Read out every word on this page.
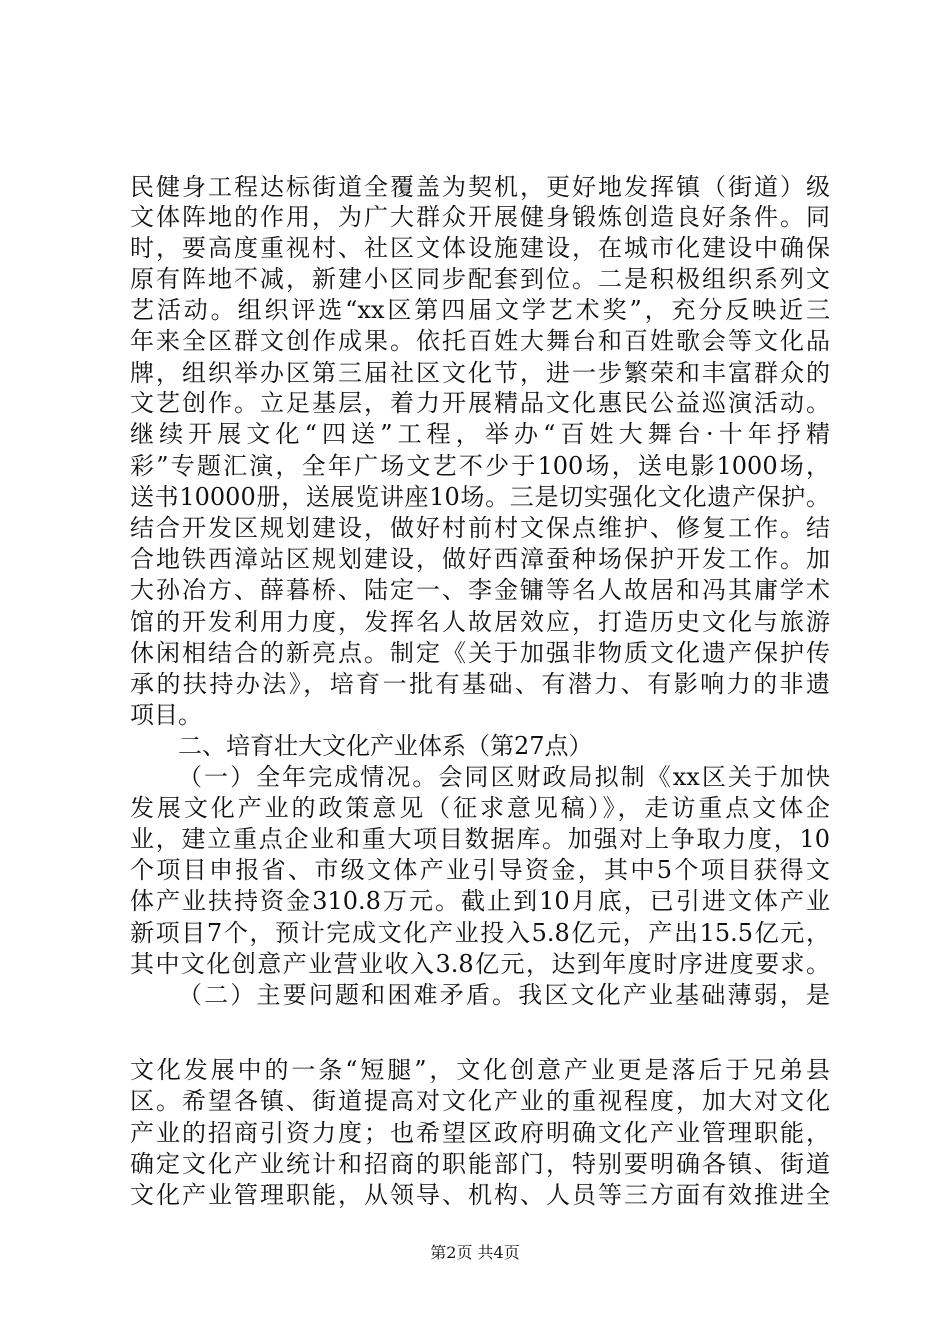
民健身工程达标街道全覆盖为契机，更好地发挥镇（街道）级
文体阵地的作用，为广大群众开展健身锻炼创造良好条件。同
时，要高度重视村、社区文体设施建设，在城市化建设中确保
原有阵地不减，新建小区同步配套到位。二是积极组织系列文
艺活动。组织评选“xx区第四届文学艺术奖”，充分反映近三
年来全区群文创作成果。依托百姓大舞台和百姓歌会等文化品
牌，组织举办区第三届社区文化节，进一步繁荣和丰富群众的
文艺创作。立足基层，着力开展精品文化惠民公益巡演活动。
继续开展文化“四送”工程，举办“百姓大舞台·十年抒精
彩”专题汇演，全年广场文艺不少于100场，送电影1000场，
送书10000册，送展览讲座10场。三是切实强化文化遗产保护。
结合开发区规划建设，做好村前村文保点维护、修复工作。结
合地铁西漳站区规划建设，做好西漳蚕种场保护开发工作。加
大孙冶方、薛暮桥、陆定一、李金镛等名人故居和冯其庸学术
馆的开发利用力度，发挥名人故居效应，打造历史文化与旅游
休闲相结合的新亮点。制定《关于加强非物质文化遗产保护传
承的扶持办法》，培育一批有基础、有潜力、有影响力的非遗
项目。
二、培育壮大文化产业体系（第27点）
（一）全年完成情况。会同区财政局拟制《xx区关于加快
发展文化产业的政策意见（征求意见稿）》，走访重点文体企
业，建立重点企业和重大项目数据库。加强对上争取力度，10
个项目申报省、市级文体产业引导资金，其中5个项目获得文
体产业扶持资金310.8万元。截止到10月底，已引进文体产业
新项目7个，预计完成文化产业投入5.8亿元，产出15.5亿元，
其中文化创意产业营业收入3.8亿元，达到年度时序进度要求。
（二）主要问题和困难矛盾。我区文化产业基础薄弱，是
文化发展中的一条“短腿”，文化创意产业更是落后于兄弟县
区。希望各镇、街道提高对文化产业的重视程度，加大对文化
产业的招商引资力度；也希望区政府明确文化产业管理职能，
确定文化产业统计和招商的职能部门，特别要明确各镇、街道
文化产业管理职能，从领导、机构、人员等三方面有效推进全
第2页 共4页
